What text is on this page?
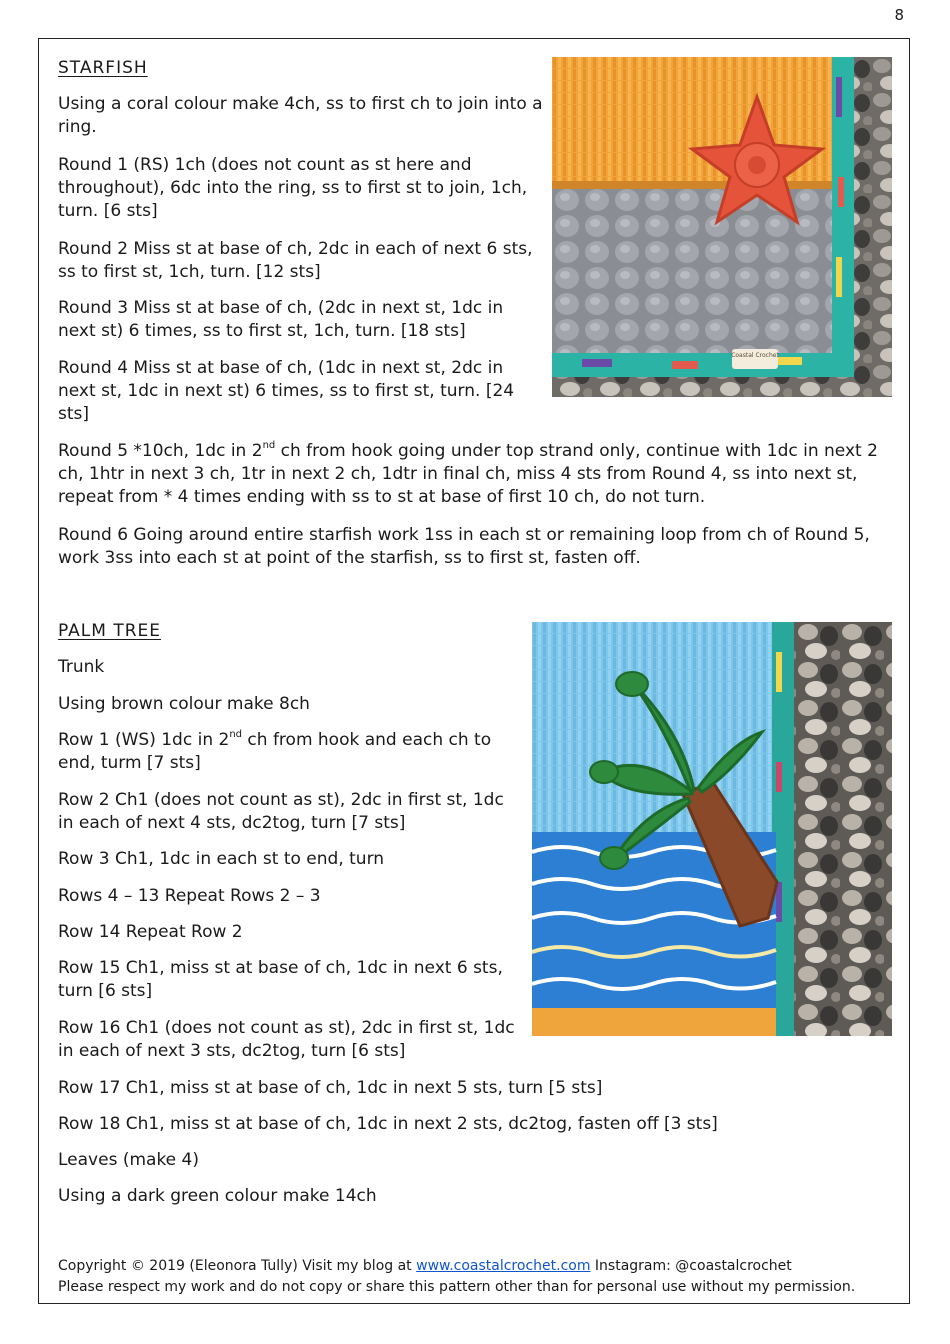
8

STARFISH

Using a coral colour make 4ch, ss to first ch to join into a ring.

Round 1 (RS) 1ch (does not count as st here and throughout), 6dc into the ring, ss to first st to join, 1ch, turn. [6 sts]

Round 2 Miss st at base of ch, 2dc in each of next 6 sts, ss to first st, 1ch, turn. [12 sts]

Round 3 Miss st at base of ch, (2dc in next st, 1dc in next st) 6 times, ss to first st, 1ch, turn. [18 sts]

Round 4 Miss st at base of ch, (1dc in next st, 2dc in next st, 1dc in next st) 6 times, ss to first st, turn. [24 sts]

Round 5 *10ch, 1dc in 2nd ch from hook going under top strand only, continue with 1dc in next 2 ch, 1htr in next 3 ch, 1tr in next 2 ch, 1dtr in final ch, miss 4 sts from Round 4, ss into next st, repeat from * 4 times ending with ss to st at base of first 10 ch, do not turn.

Round 6 Going around entire starfish work 1ss in each st or remaining loop from ch of Round 5, work 3ss into each st at point of the starfish, ss to first st, fasten off.

Coastal Crochet

PALM TREE

Trunk

Using brown colour make 8ch

Row 1 (WS) 1dc in 2nd ch from hook and each ch to end, turm [7 sts]

Row 2 Ch1 (does not count as st), 2dc in first st, 1dc in each of next 4 sts, dc2tog, turn [7 sts]

Row 3 Ch1, 1dc in each st to end, turn

Rows 4 – 13 Repeat Rows 2 – 3

Row 14 Repeat Row 2

Row 15 Ch1, miss st at base of ch, 1dc in next 6 sts, turn [6 sts]

Row 16 Ch1 (does not count as st), 2dc in first st, 1dc in each of next 3 sts, dc2tog, turn [6 sts]

Row 17 Ch1, miss st at base of ch, 1dc in next 5 sts, turn [5 sts]

Row 18 Ch1, miss st at base of ch, 1dc in next 2 sts, dc2tog, fasten off [3 sts]

Leaves (make 4)

Using a dark green colour make 14ch

Copyright © 2019 (Eleonora Tully) Visit my blog at www.coastalcrochet.com Instagram: @coastalcrochet
Please respect my work and do not copy or share this pattern other than for personal use without my permission.
